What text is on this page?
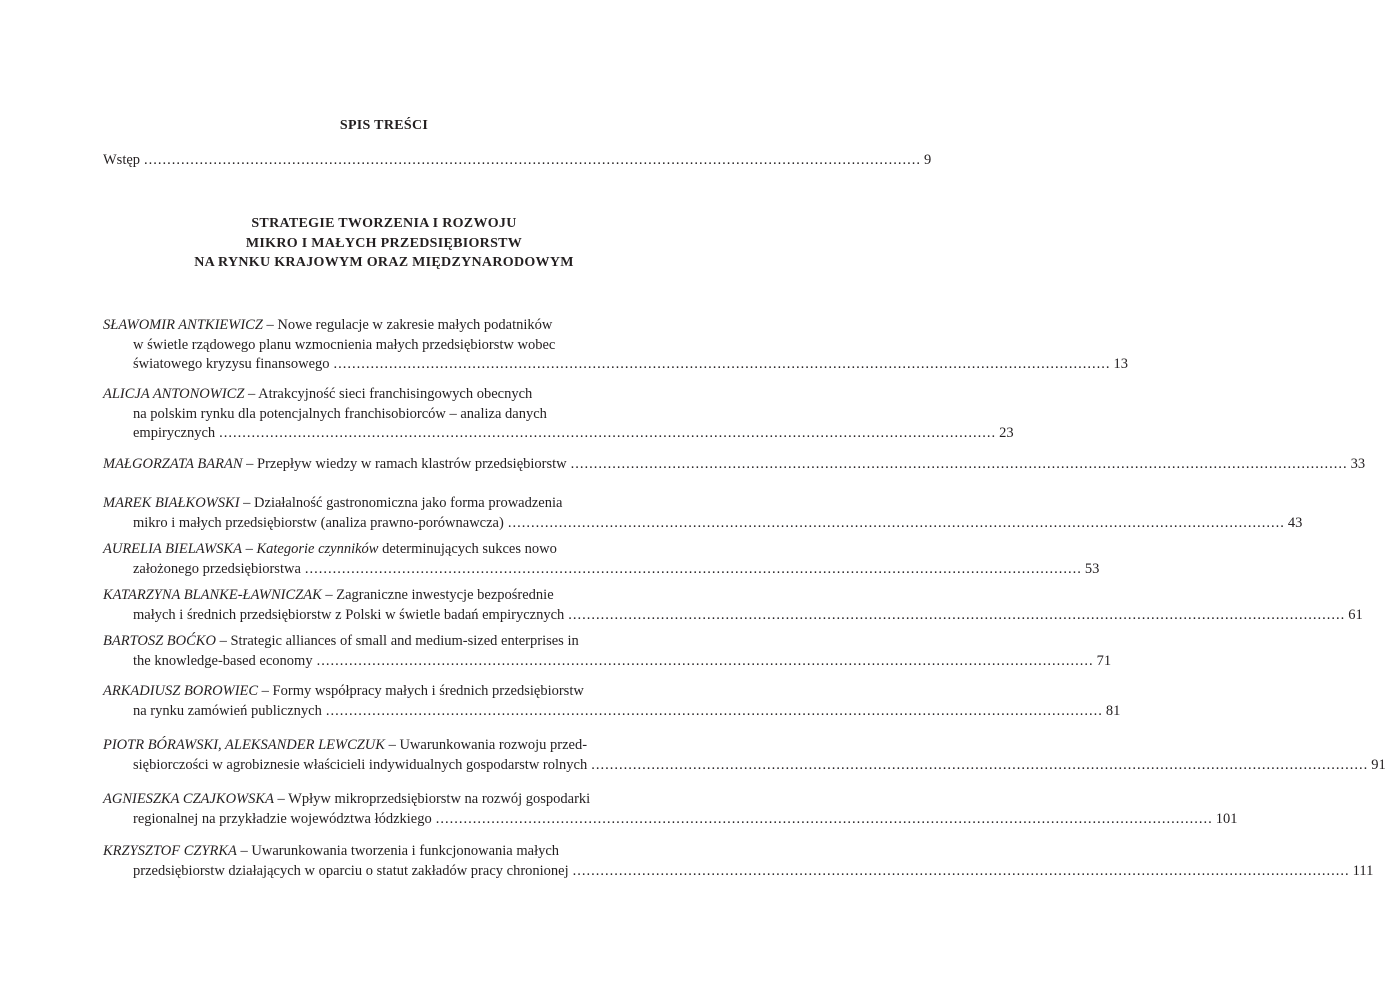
SPIS TREŚCI
Wstęp ........................................................................................................................................................................ 9
STRATEGIE TWORZENIA I ROZWOJU
MIKRO I MAŁYCH PRZEDSIĘBIORSTW
NA RYNKU KRAJOWYM ORAZ MIĘDZYNARODOWYM
SŁAWOMIR ANTKIEWICZ – Nowe regulacje w zakresie małych podatników
w świetle rządowego planu wzmocnienia małych przedsiębiorstw wobec
światowego kryzysu finansowego ........................................................................................................................................................................ 13
ALICJA ANTONOWICZ – Atrakcyjność sieci franchisingowych obecnych
na polskim rynku dla potencjalnych franchisobiorców – analiza danych
empirycznych ........................................................................................................................................................................ 23
MAŁGORZATA BARAN – Przepływ wiedzy w ramach klastrów przedsiębiorstw ........................................................................................................................................................................ 33
MAREK BIAŁKOWSKI – Działalność gastronomiczna jako forma prowadzenia
mikro i małych przedsiębiorstw (analiza prawno-porównawcza) ........................................................................................................................................................................ 43
AURELIA BIELAWSKA – Kategorie czynników determinujących sukces nowo
założonego przedsiębiorstwa ........................................................................................................................................................................ 53
KATARZYNA BLANKE-ŁAWNICZAK – Zagraniczne inwestycje bezpośrednie
małych i średnich przedsiębiorstw z Polski w świetle badań empirycznych ........................................................................................................................................................................ 61
BARTOSZ BOĆKO – Strategic alliances of small and medium-sized enterprises in
the knowledge-based economy ........................................................................................................................................................................ 71
ARKADIUSZ BOROWIEC – Formy współpracy małych i średnich przedsiębiorstw
na rynku zamówień publicznych ........................................................................................................................................................................ 81
PIOTR BÓRAWSKI, ALEKSANDER LEWCZUK – Uwarunkowania rozwoju przed-
siębiorczości w agrobiznesie właścicieli indywidualnych gospodarstw rolnych ........................................................................................................................................................................ 91
AGNIESZKA CZAJKOWSKA – Wpływ mikroprzedsiębiorstw na rozwój gospodarki
regionalnej na przykładzie województwa łódzkiego ........................................................................................................................................................................ 101
KRZYSZTOF CZYRKA – Uwarunkowania tworzenia i funkcjonowania małych
przedsiębiorstw działających w oparciu o statut zakładów pracy chronionej ........................................................................................................................................................................ 111
